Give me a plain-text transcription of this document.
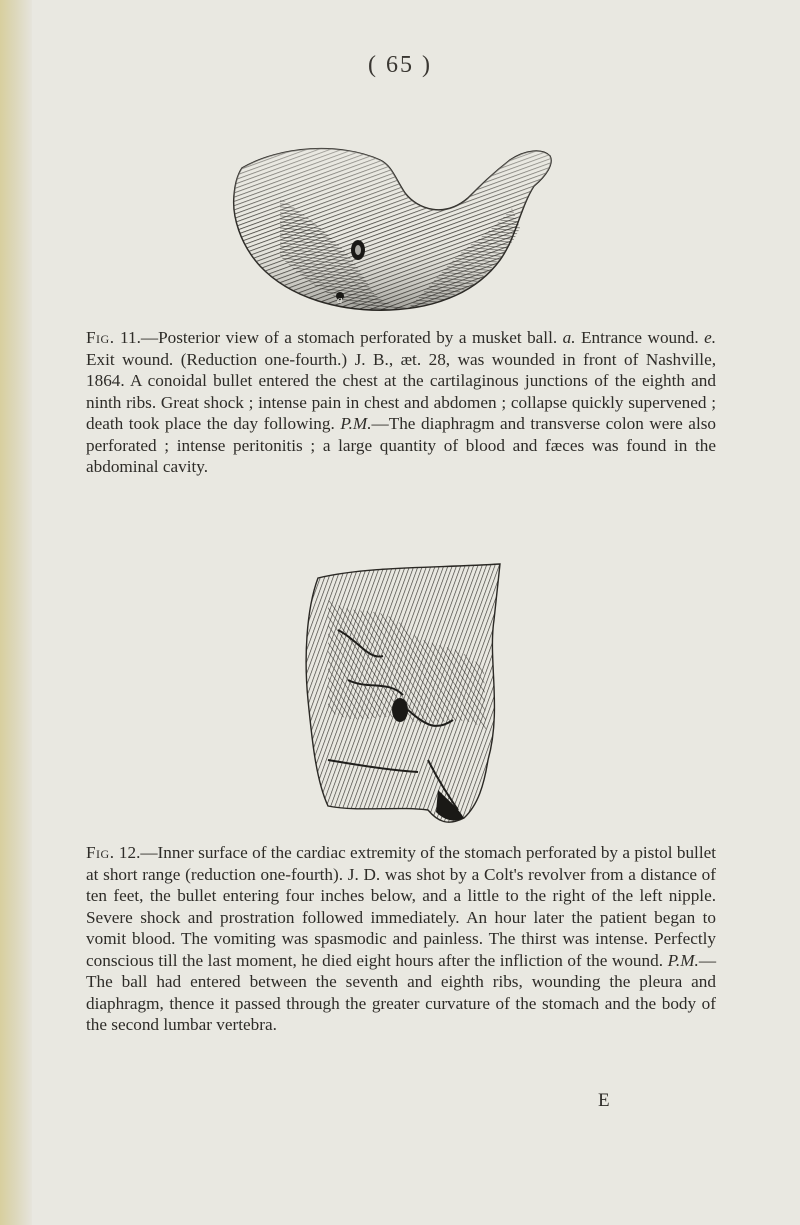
( 65 )
a

Fig. 11.—Posterior view of a stomach perforated by a musket ball. a. Entrance wound. e. Exit wound. (Reduction one-fourth.) J. B., æt. 28, was wounded in front of Nashville, 1864. A conoidal bullet entered the chest at the cartilaginous junctions of the eighth and ninth ribs. Great shock ; intense pain in chest and abdomen ; collapse quickly supervened ; death took place the day following. P.M.—The diaphragm and transverse colon were also perforated ; intense peritonitis ; a large quantity of blood and fæces was found in the abdominal cavity.

Fig. 12.—Inner surface of the cardiac extremity of the stomach perforated by a pistol bullet at short range (reduction one-fourth). J. D. was shot by a Colt's revolver from a distance of ten feet, the bullet entering four inches below, and a little to the right of the left nipple. Severe shock and prostration followed immediately. An hour later the patient began to vomit blood. The vomiting was spasmodic and painless. The thirst was intense. Perfectly conscious till the last moment, he died eight hours after the infliction of the wound. P.M.—The ball had entered between the seventh and eighth ribs, wounding the pleura and diaphragm, thence it passed through the greater curvature of the stomach and the body of the second lumbar vertebra.

E
